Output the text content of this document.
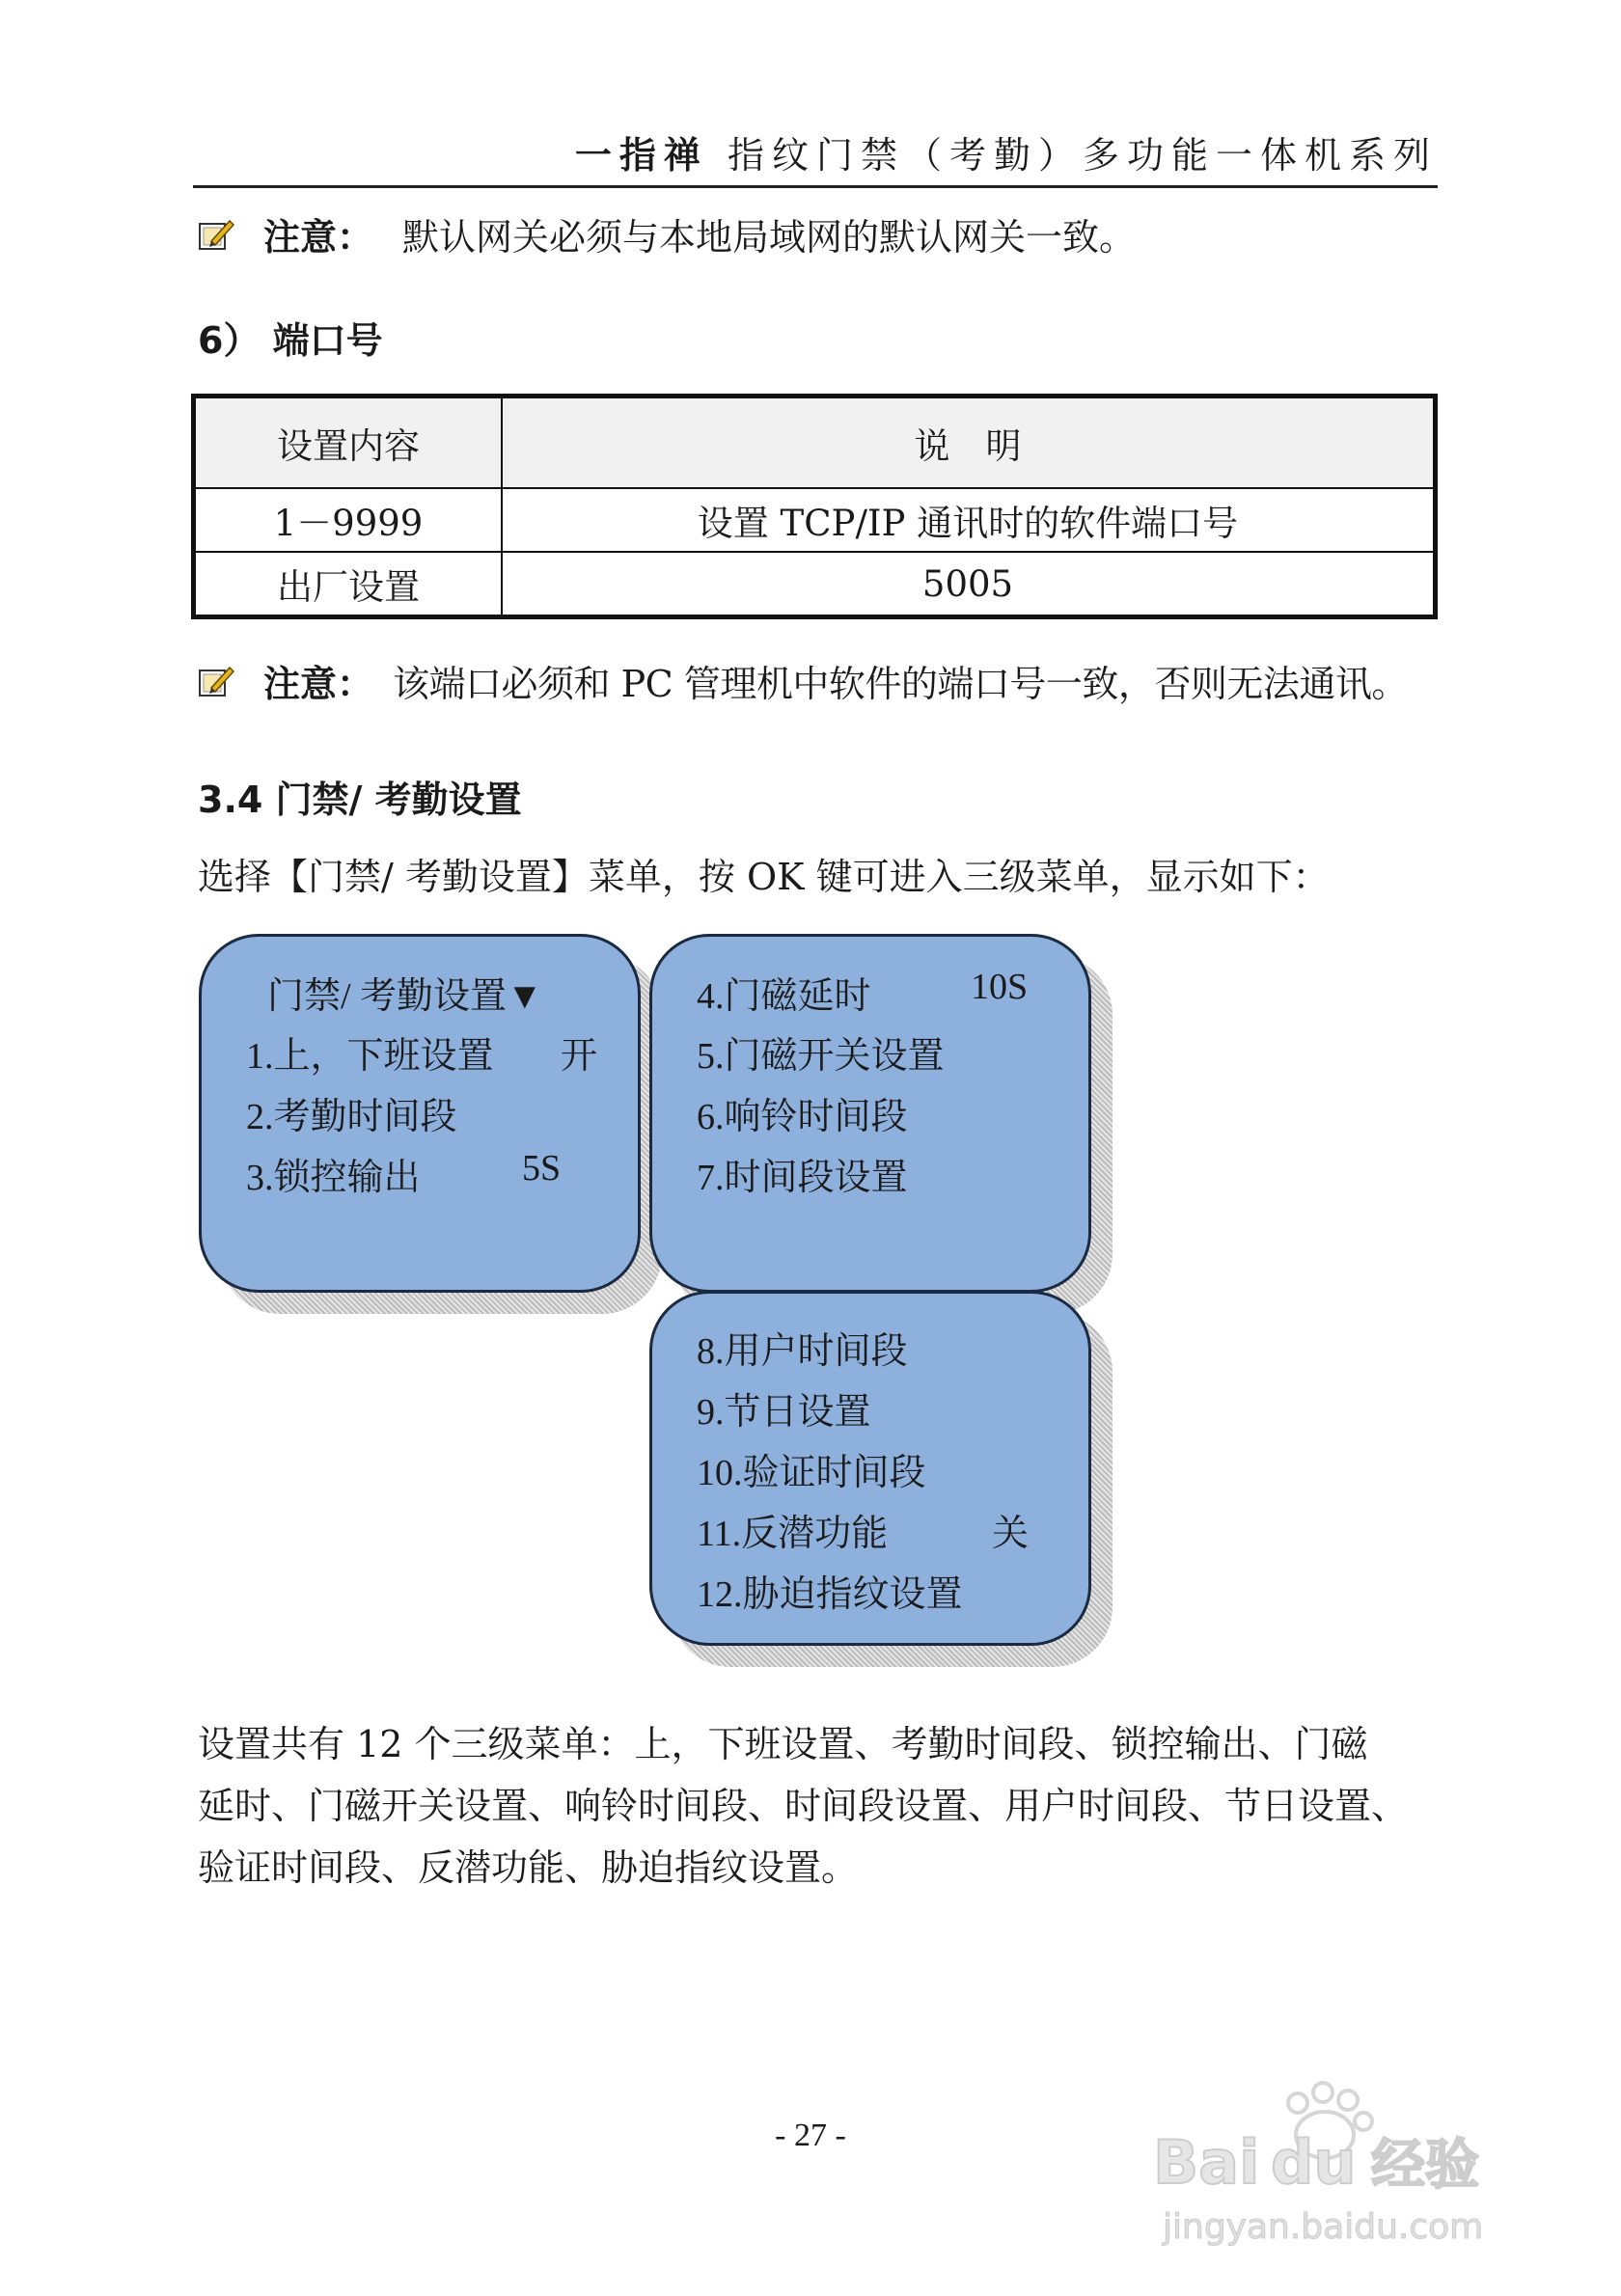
一指禅 指纹门禁（考勤）多功能一体机系列
注意： 默认网关必须与本地局域网的默认网关一致。
6） 端口号
设置内容	说　明
1－9999	设置 TCP/IP 通讯时的软件端口号
出厂设置	5005
注意： 该端口必须和 PC 管理机中软件的端口号一致，否则无法通讯。
3.4 门禁/ 考勤设置
选择【门禁/ 考勤设置】菜单，按 OK 键可进入三级菜单，显示如下：
门禁/ 考勤设置▼
1.上，下班设置 开
2.考勤时间段
3.锁控输出	5S
4.门磁延时	10S
5.门磁开关设置
6.响铃时间段
7.时间段设置
8.用户时间段
9.节日设置
10.验证时间段
11.反潜功能	关
12.胁迫指纹设置
设置共有 12 个三级菜单：上，下班设置、考勤时间段、锁控输出、门磁
延时、门磁开关设置、响铃时间段、时间段设置、用户时间段、节日设置、
验证时间段、反潜功能、胁迫指纹设置。
- 27 -	Bai du 经验
jingyan.baidu.com
